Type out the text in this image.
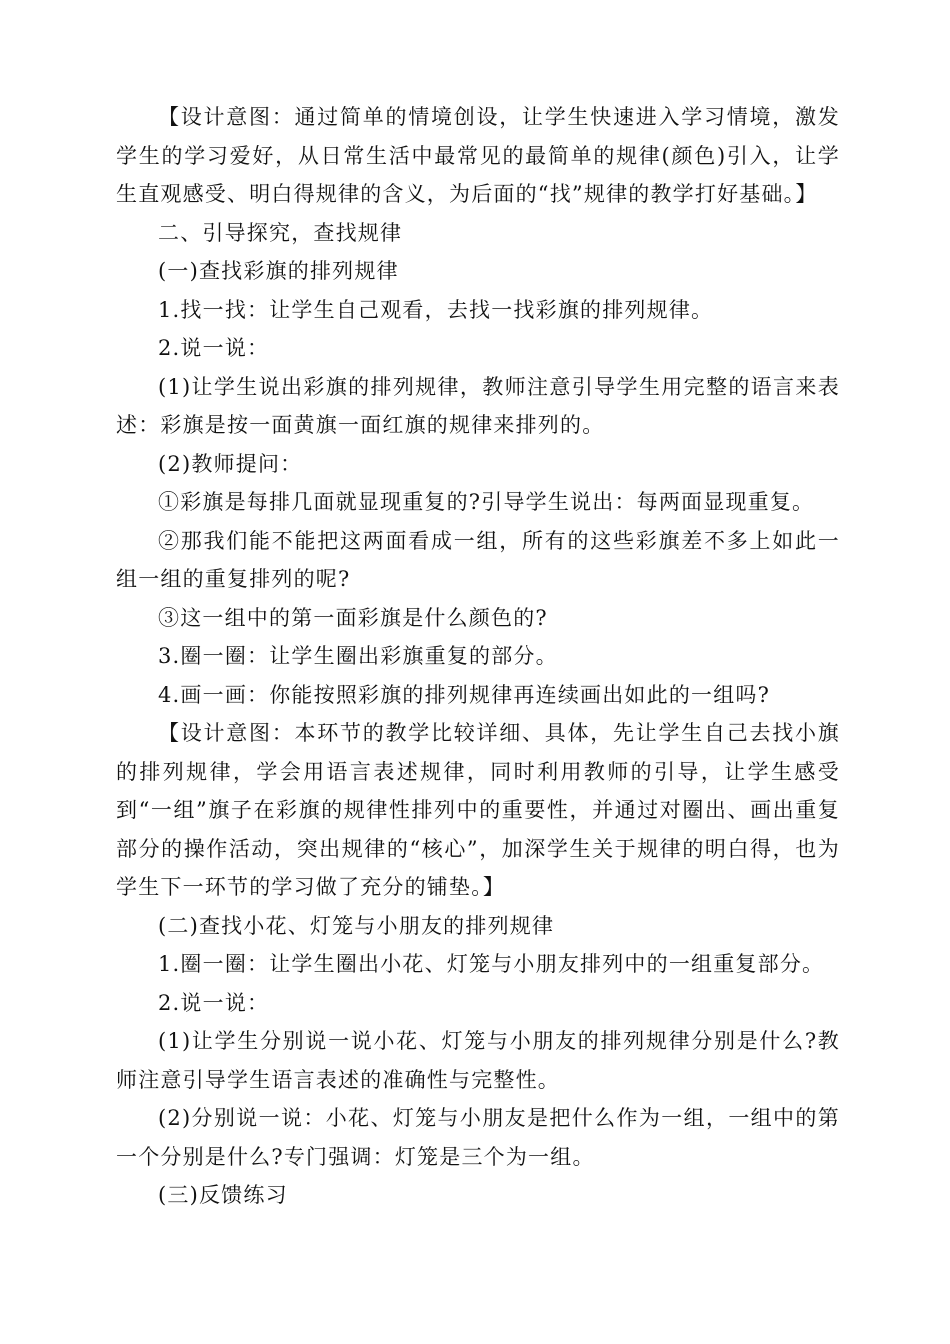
【设计意图：通过简单的情境创设，让学生快速进入学习情境，激发学生的学习爱好，从日常生活中最常见的最简单的规律(颜色)引入，让学生直观感受、明白得规律的含义，为后面的“找”规律的教学打好基础。】

二、引导探究，查找规律

(一)查找彩旗的排列规律

1.找一找：让学生自己观看，去找一找彩旗的排列规律。

2.说一说：

(1)让学生说出彩旗的排列规律，教师注意引导学生用完整的语言来表述：彩旗是按一面黄旗一面红旗的规律来排列的。

(2)教师提问：

①彩旗是每排几面就显现重复的?引导学生说出：每两面显现重复。

②那我们能不能把这两面看成一组，所有的这些彩旗差不多上如此一组一组的重复排列的呢?

③这一组中的第一面彩旗是什么颜色的?

3.圈一圈：让学生圈出彩旗重复的部分。

4.画一画：你能按照彩旗的排列规律再连续画出如此的一组吗?

【设计意图：本环节的教学比较详细、具体，先让学生自己去找小旗的排列规律，学会用语言表述规律，同时利用教师的引导，让学生感受到“一组”旗子在彩旗的规律性排列中的重要性，并通过对圈出、画出重复部分的操作活动，突出规律的“核心”，加深学生关于规律的明白得，也为学生下一环节的学习做了充分的铺垫。】

(二)查找小花、灯笼与小朋友的排列规律

1.圈一圈：让学生圈出小花、灯笼与小朋友排列中的一组重复部分。

2.说一说：

(1)让学生分别说一说小花、灯笼与小朋友的排列规律分别是什么?教师注意引导学生语言表述的准确性与完整性。

(2)分别说一说：小花、灯笼与小朋友是把什么作为一组，一组中的第一个分别是什么?专门强调：灯笼是三个为一组。

(三)反馈练习
